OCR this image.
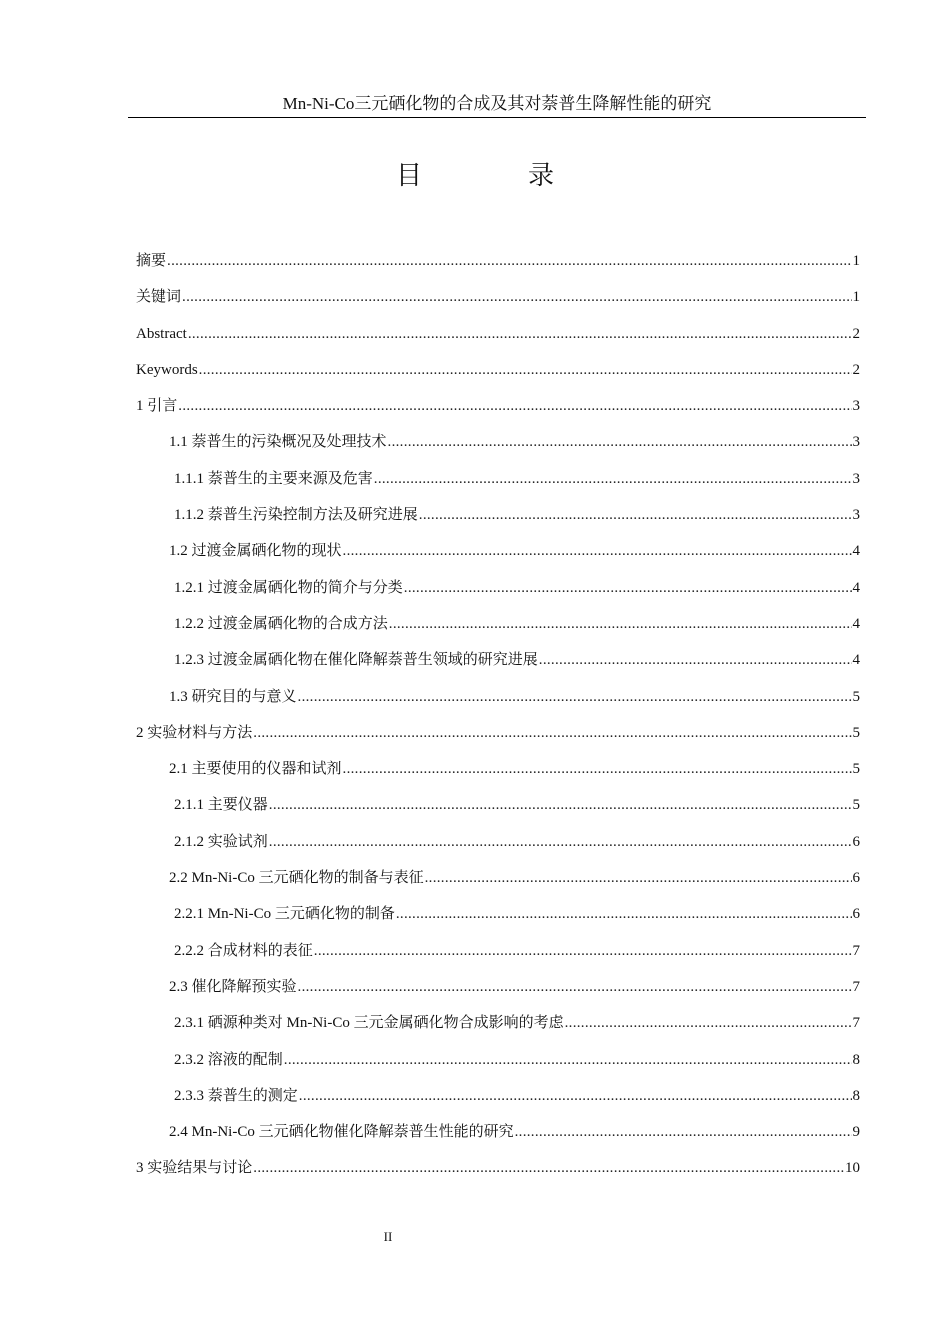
Mn-Ni-Co三元硒化物的合成及其对萘普生降解性能的研究
目　录
摘要 .....	1
关键词 .....	1
Abstract .....	2
Keywords .....	2
1 引言 .....	3
1.1 萘普生的污染概况及处理技术 .....	3
1.1.1 萘普生的主要来源及危害 .....	3
1.1.2 萘普生污染控制方法及研究进展 .....	3
1.2 过渡金属硒化物的现状 .....	4
1.2.1 过渡金属硒化物的简介与分类 .....	4
1.2.2 过渡金属硒化物的合成方法 .....	4
1.2.3 过渡金属硒化物在催化降解萘普生领域的研究进展 .....	4
1.3 研究目的与意义 .....	5
2 实验材料与方法 .....	5
2.1 主要使用的仪器和试剂 .....	5
2.1.1 主要仪器 .....	5
2.1.2 实验试剂 .....	6
2.2 Mn-Ni-Co 三元硒化物的制备与表征 .....	6
2.2.1 Mn-Ni-Co 三元硒化物的制备 .....	6
2.2.2 合成材料的表征 .....	7
2.3 催化降解预实验 .....	7
2.3.1 硒源种类对 Mn-Ni-Co 三元金属硒化物合成影响的考虑 .....	7
2.3.2 溶液的配制 .....	8
2.3.3 萘普生的测定 .....	8
2.4 Mn-Ni-Co 三元硒化物催化降解萘普生性能的研究 .....	9
3 实验结果与讨论 .....	10
II
